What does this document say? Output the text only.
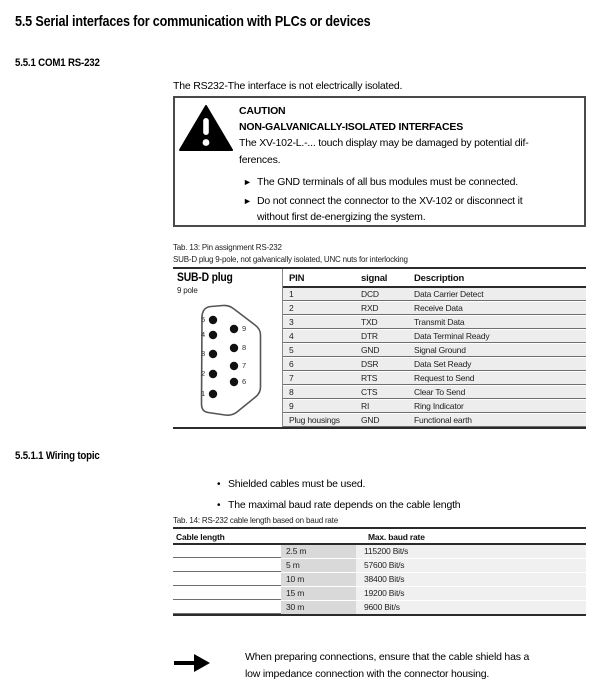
5.5 Serial interfaces for communication with PLCs or devices
5.5.1 COM1 RS-232
The RS232-The interface is not electrically isolated.
CAUTION
NON-GALVANICALLY-ISOLATED INTERFACES
The XV-102-L.-... touch display may be damaged by potential dif-
ferences.
► The GND terminals of all bus modules must be connected.
► Do not connect the connector to the XV-102 or disconnect it
without first de-energizing the system.
Tab. 13: Pin assignment RS-232
SUB-D plug 9-pole, not galvanically isolated, UNC nuts for interlocking
SUB-D plug
9 pole
5
4
3
2
1
9
8
7
6
PIN	signal	Description
1	DCD	Data Carrier Detect
2	RXD	Receive Data
3	TXD	Transmit Data
4	DTR	Data Terminal Ready
5	GND	Signal Ground
6	DSR	Data Set Ready
7	RTS	Request to Send
8	CTS	Clear To Send
9	RI	Ring Indicator
Plug housings	GND	Functional earth
5.5.1.1 Wiring topic
• Shielded cables must be used.
• The maximal baud rate depends on the cable length
Tab. 14: RS-232 cable length based on baud rate
Cable length	Max. baud rate
2.5 m	115200 Bit/s
5 m	57600 Bit/s
10 m	38400 Bit/s
15 m	19200 Bit/s
30 m	9600 Bit/s
When preparing connections, ensure that the cable shield has a
low impedance connection with the connector housing.
